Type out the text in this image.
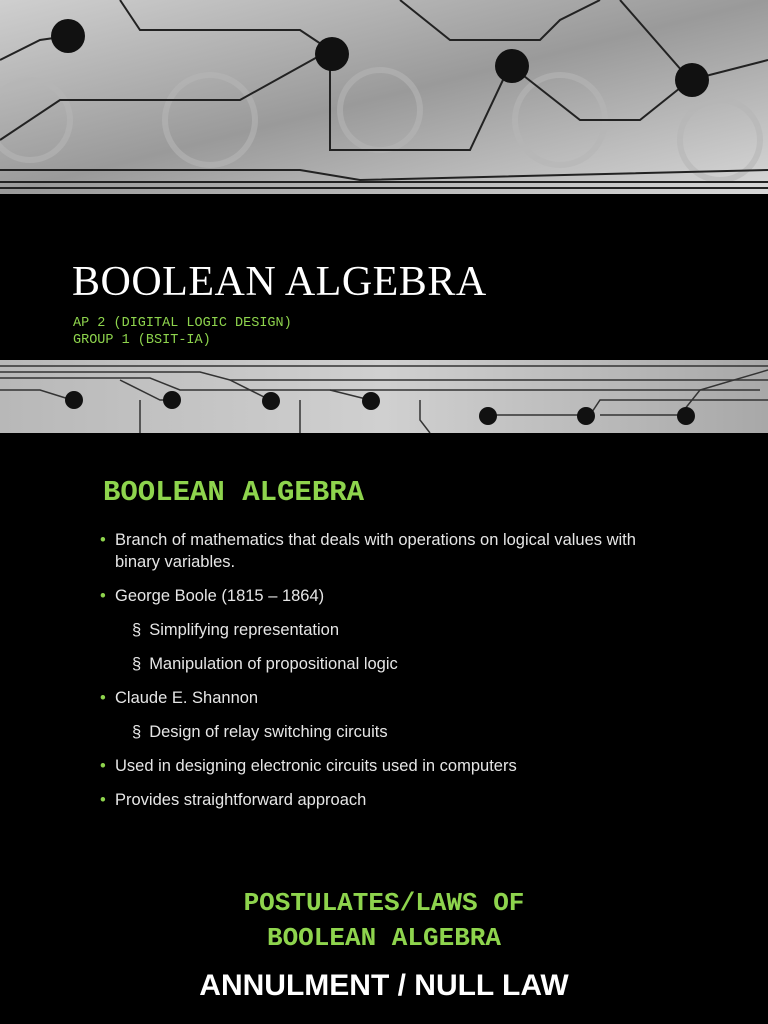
BOOLEAN ALGEBRA

AP 2 (DIGITAL LOGIC DESIGN)

GROUP 1 (BSIT-IA)

BOOLEAN ALGEBRA
• Branch of mathematics that deals with operations on logical values with binary variables.
• George Boole (1815 – 1864)
§ Simplifying representation
§ Manipulation of propositional logic
• Claude E. Shannon
§ Design of relay switching circuits
• Used in designing electronic circuits used in computers
• Provides straightforward approach
POSTULATES/LAWS OF
BOOLEAN ALGEBRA
ANNULMENT / NULL LAW
